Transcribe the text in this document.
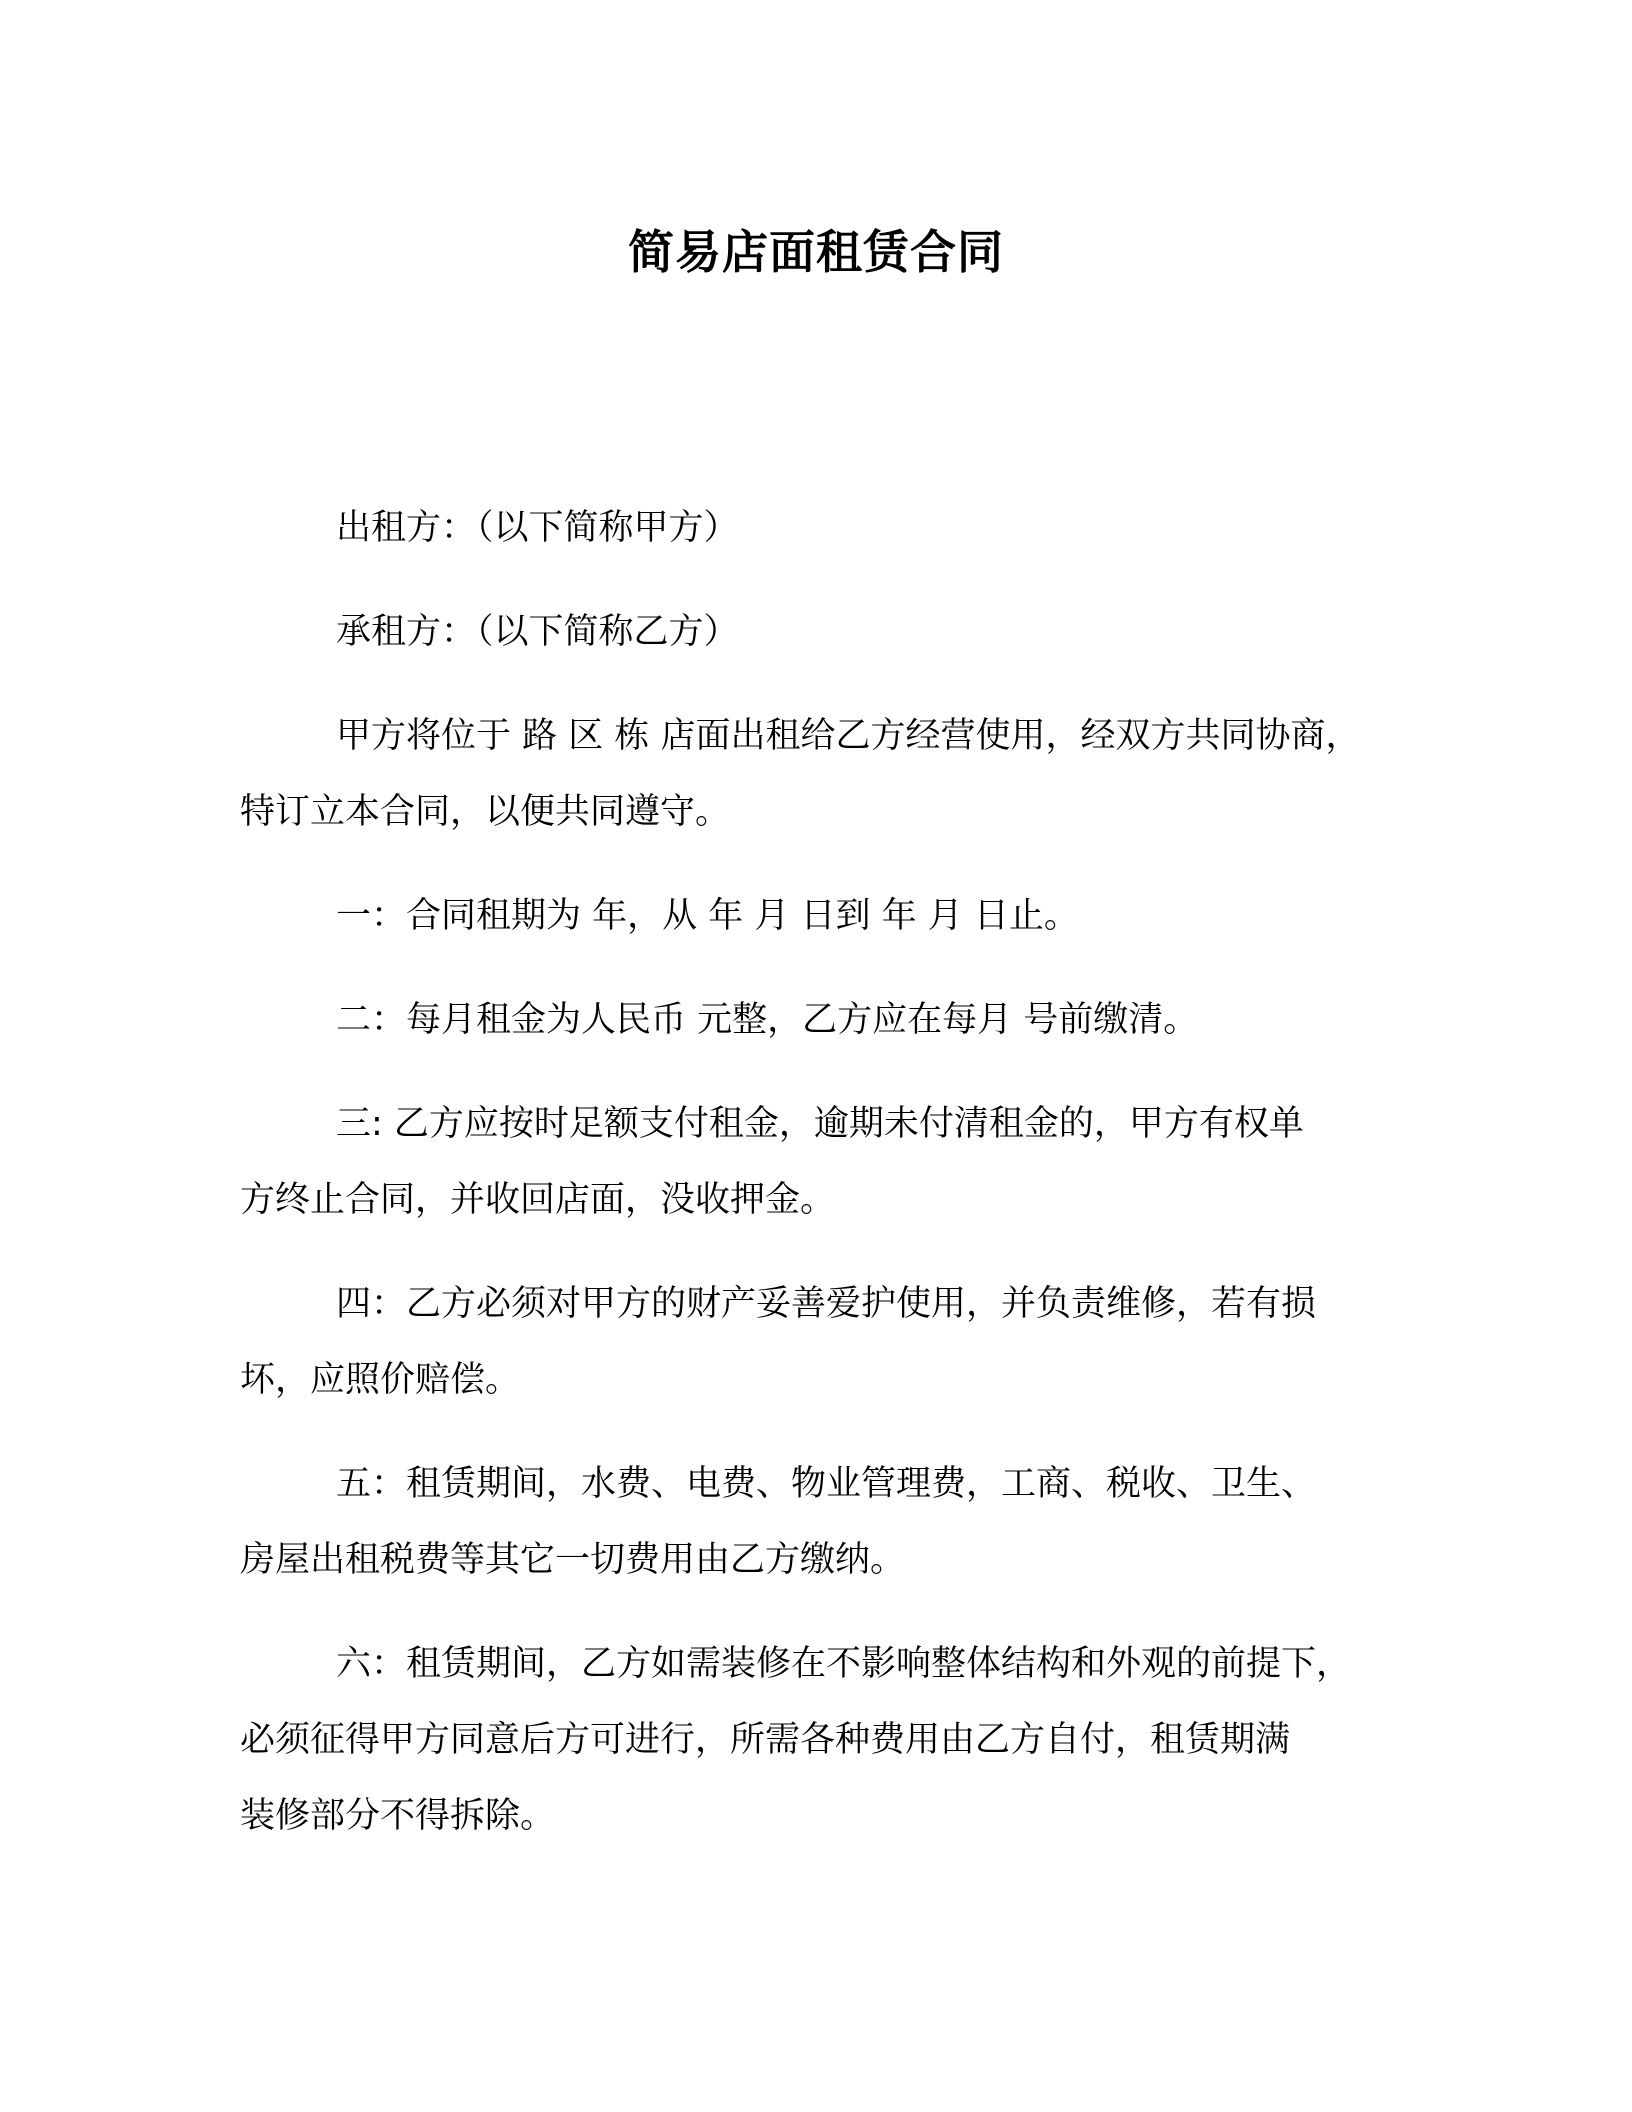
简易店面租赁合同
出租方：（以下简称甲方）
承租方：（以下简称乙方）
甲方将位于 路 区 栋 店面出租给乙方经营使用，经双方共同协商，
特订立本合同，以便共同遵守。
一：合同租期为 年，从 年 月 日到 年 月 日止。
二：每月租金为人民币 元整，乙方应在每月 号前缴清。
三: 乙方应按时足额支付租金，逾期未付清租金的，甲方有权单
方终止合同，并收回店面，没收押金。
四：乙方必须对甲方的财产妥善爱护使用，并负责维修，若有损
坏，应照价赔偿。
五：租赁期间，水费、电费、物业管理费，工商、税收、卫生、
房屋出租税费等其它一切费用由乙方缴纳。
六：租赁期间，乙方如需装修在不影响整体结构和外观的前提下，
必须征得甲方同意后方可进行，所需各种费用由乙方自付，租赁期满
装修部分不得拆除。
